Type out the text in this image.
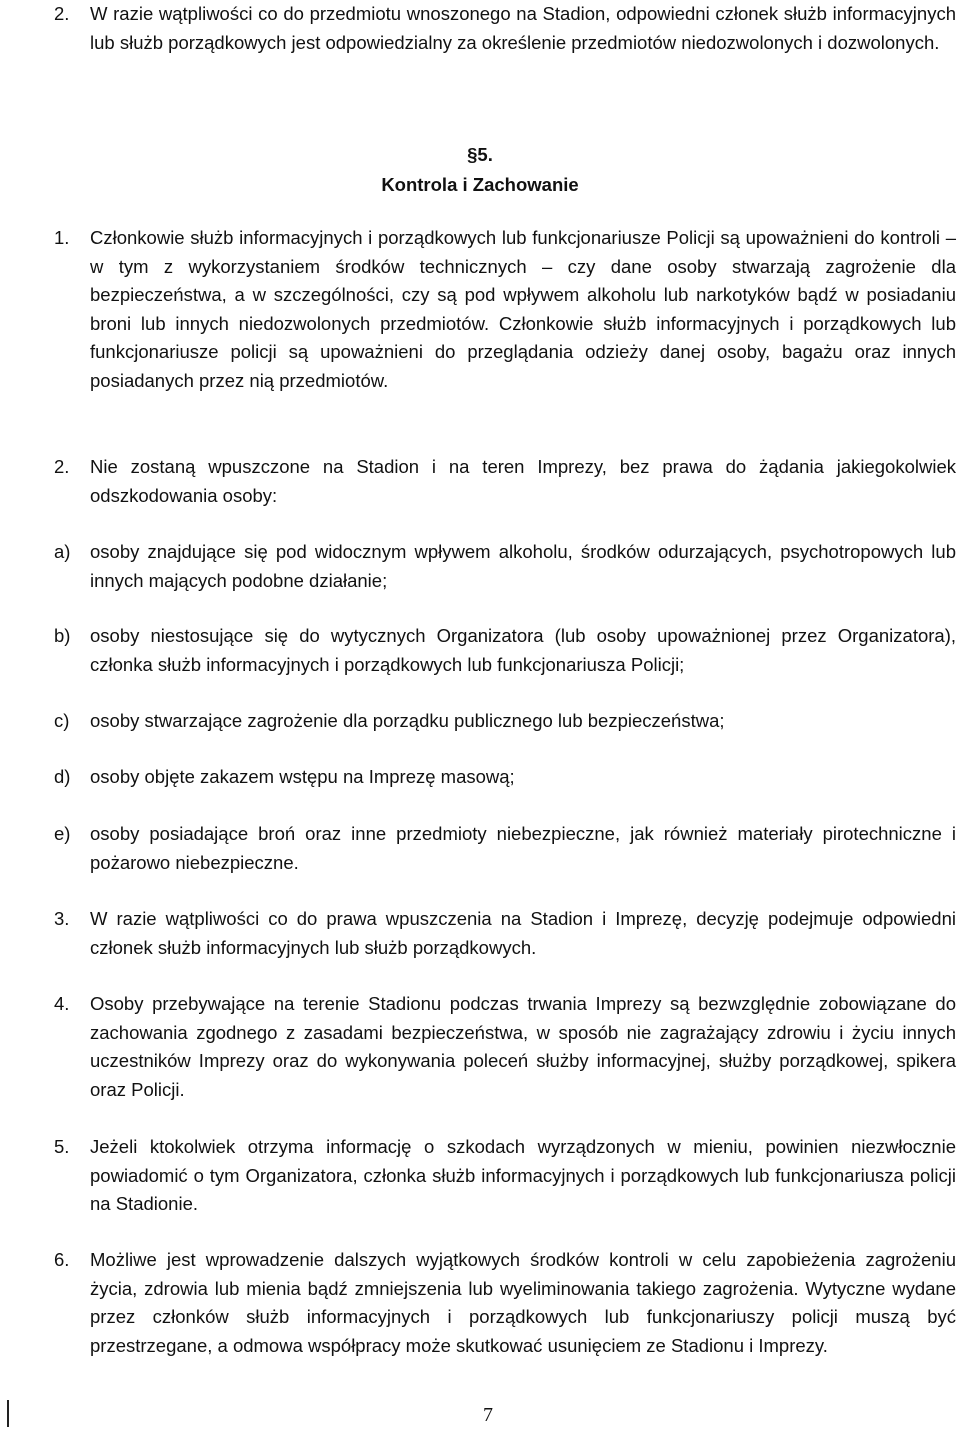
2.	W razie wątpliwości co do przedmiotu wnoszonego na Stadion, odpowiedni członek służb informacyjnych lub służb porządkowych jest odpowiedzialny za określenie przedmiotów niedozwolonych i dozwolonych.

§5.
Kontrola i Zachowanie
1.	Członkowie służb informacyjnych i porządkowych lub funkcjonariusze Policji są upoważnieni do kontroli – w tym z wykorzystaniem środków technicznych – czy dane osoby stwarzają zagrożenie dla bezpieczeństwa, a w szczególności, czy są pod wpływem alkoholu lub narkotyków bądź w posiadaniu broni lub innych niedozwolonych przedmiotów. Członkowie służb informacyjnych i porządkowych lub funkcjonariusze policji są upoważnieni do przeglądania odzieży danej osoby, bagażu oraz innych posiadanych przez nią przedmiotów.

2.	Nie zostaną wpuszczone na Stadion i na teren Imprezy, bez prawa do żądania jakiegokolwiek odszkodowania osoby:

a)	osoby znajdujące się pod widocznym wpływem alkoholu, środków odurzających, psychotropowych lub innych mających podobne działanie;

b)	osoby niestosujące się do wytycznych Organizatora (lub osoby upoważnionej przez Organizatora), członka służb informacyjnych i porządkowych lub funkcjonariusza Policji;

c)	osoby stwarzające zagrożenie dla porządku publicznego lub bezpieczeństwa;

d)	osoby objęte zakazem wstępu na Imprezę masową;

e)	osoby posiadające broń oraz inne przedmioty niebezpieczne, jak również materiały pirotechniczne i pożarowo niebezpieczne.

3.	W razie wątpliwości co do prawa wpuszczenia na Stadion i Imprezę, decyzję podejmuje odpowiedni członek służb informacyjnych lub służb porządkowych.

4.	Osoby przebywające na terenie Stadionu podczas trwania Imprezy są bezwzględnie zobowiązane do zachowania zgodnego z zasadami bezpieczeństwa, w sposób nie zagrażający zdrowiu i życiu innych uczestników Imprezy oraz do wykonywania poleceń służby informacyjnej, służby porządkowej, spikera oraz Policji.

5.	Jeżeli ktokolwiek otrzyma informację o szkodach wyrządzonych w mieniu, powinien niezwłocznie powiadomić o tym Organizatora, członka służb informacyjnych i porządkowych lub funkcjonariusza policji na Stadionie.

6.	Możliwe jest wprowadzenie dalszych wyjątkowych środków kontroli w celu zapobieżenia zagrożeniu życia, zdrowia lub mienia bądź zmniejszenia lub wyeliminowania takiego zagrożenia. Wytyczne wydane przez członków służb informacyjnych i porządkowych lub funkcjonariuszy policji muszą być przestrzegane, a odmowa współpracy może skutkować usunięciem ze Stadionu i Imprezy.

7
